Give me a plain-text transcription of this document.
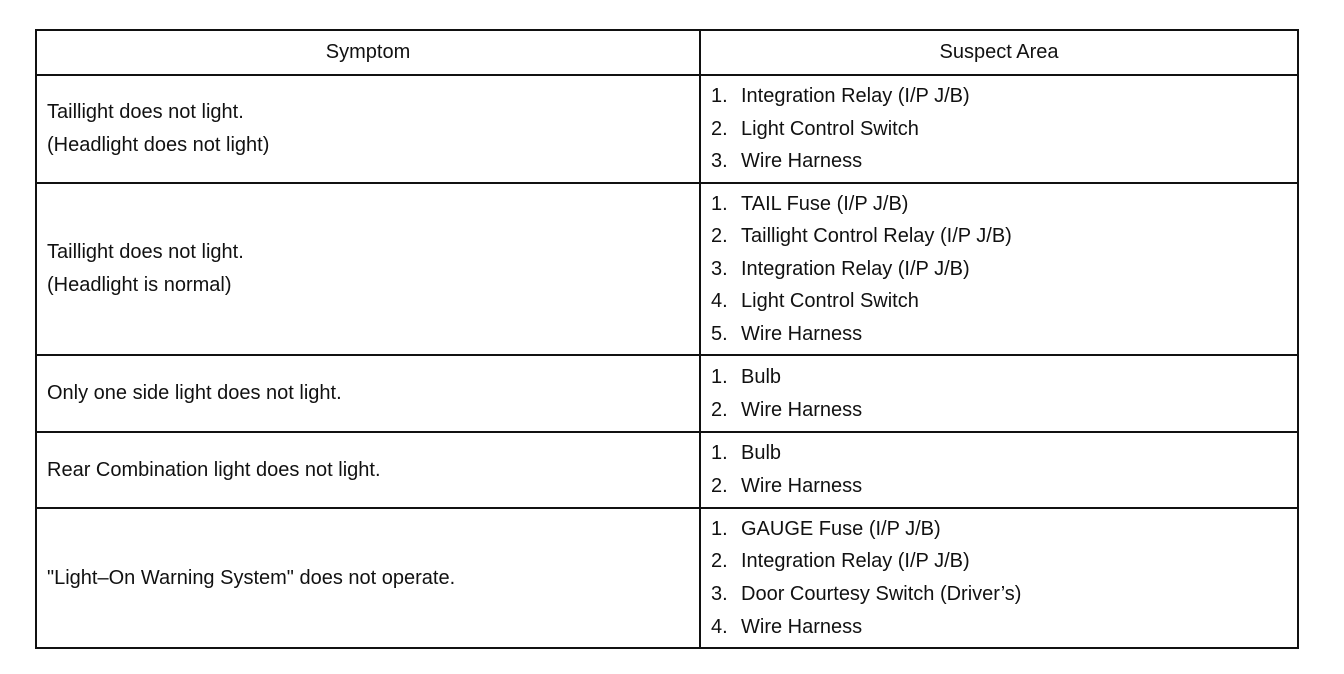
Symptom	Suspect Area
Taillight does not light.
(Headlight does not light)
1. Integration Relay (I/P J/B)
2. Light Control Switch
3. Wire Harness
Taillight does not light.
(Headlight is normal)
1. TAIL Fuse (I/P J/B)
2. Taillight Control Relay (I/P J/B)
3. Integration Relay (I/P J/B)
4. Light Control Switch
5. Wire Harness
Only one side light does not light.
1. Bulb
2. Wire Harness
Rear Combination light does not light.
1. Bulb
2. Wire Harness
"Light–On Warning System" does not operate.
1. GAUGE Fuse (I/P J/B)
2. Integration Relay (I/P J/B)
3. Door Courtesy Switch (Driver’s)
4. Wire Harness
